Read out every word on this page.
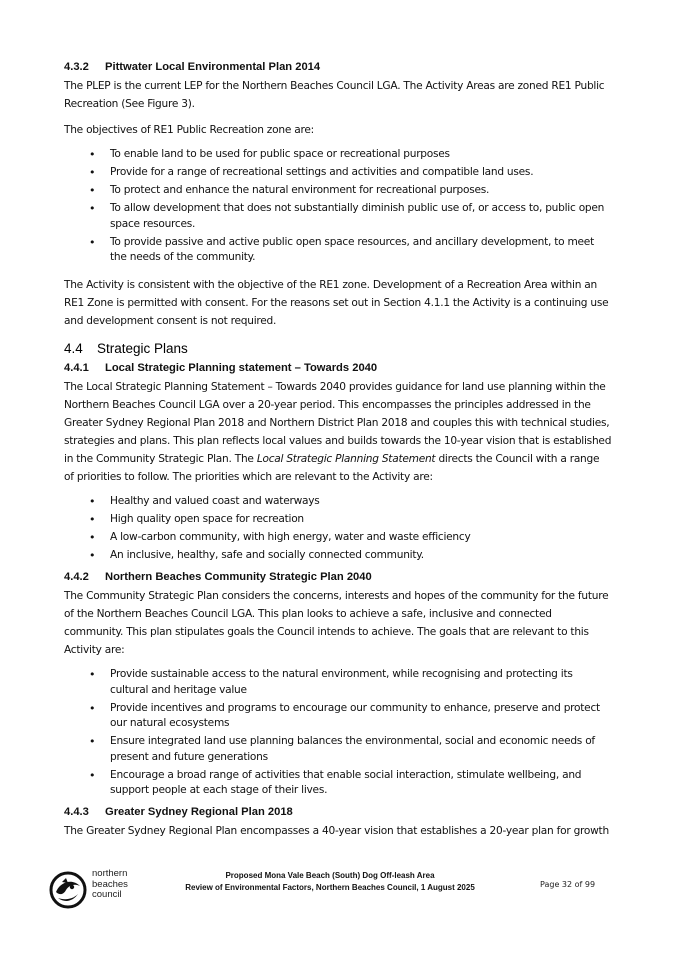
4.3.2	Pittwater Local Environmental Plan 2014

The PLEP is the current LEP for the Northern Beaches Council LGA. The Activity Areas are zoned RE1 Public Recreation (See Figure 3).

The objectives of RE1 Public Recreation zone are:

• To enable land to be used for public space or recreational purposes
• Provide for a range of recreational settings and activities and compatible land uses.
• To protect and enhance the natural environment for recreational purposes.
• To allow development that does not substantially diminish public use of, or access to, public open space resources.
• To provide passive and active public open space resources, and ancillary development, to meet the needs of the community.

The Activity is consistent with the objective of the RE1 zone. Development of a Recreation Area within an RE1 Zone is permitted with consent. For the reasons set out in Section 4.1.1 the Activity is a continuing use and development consent is not required.

4.4	Strategic Plans
4.4.1	Local Strategic Planning statement – Towards 2040

The Local Strategic Planning Statement – Towards 2040 provides guidance for land use planning within the Northern Beaches Council LGA over a 20-year period. This encompasses the principles addressed in the Greater Sydney Regional Plan 2018 and Northern District Plan 2018 and couples this with technical studies, strategies and plans. This plan reflects local values and builds towards the 10-year vision that is established in the Community Strategic Plan. The Local Strategic Planning Statement directs the Council with a range of priorities to follow. The priorities which are relevant to the Activity are:

• Healthy and valued coast and waterways
• High quality open space for recreation
• A low-carbon community, with high energy, water and waste efficiency
• An inclusive, healthy, safe and socially connected community.
4.4.2	Northern Beaches Community Strategic Plan 2040

The Community Strategic Plan considers the concerns, interests and hopes of the community for the future of the Northern Beaches Council LGA. This plan looks to achieve a safe, inclusive and connected community. This plan stipulates goals the Council intends to achieve. The goals that are relevant to this Activity are:

• Provide sustainable access to the natural environment, while recognising and protecting its cultural and heritage value
• Provide incentives and programs to encourage our community to enhance, preserve and protect our natural ecosystems
• Ensure integrated land use planning balances the environmental, social and economic needs of present and future generations
• Encourage a broad range of activities that enable social interaction, stimulate wellbeing, and support people at each stage of their lives.
4.4.3	Greater Sydney Regional Plan 2018

The Greater Sydney Regional Plan encompasses a 40-year vision that establishes a 20-year plan for growth

northern
beaches
council
Proposed Mona Vale Beach (South) Dog Off-leash Area
Review of Environmental Factors, Northern Beaches Council, 1 August 2025	Page 32 of 99
